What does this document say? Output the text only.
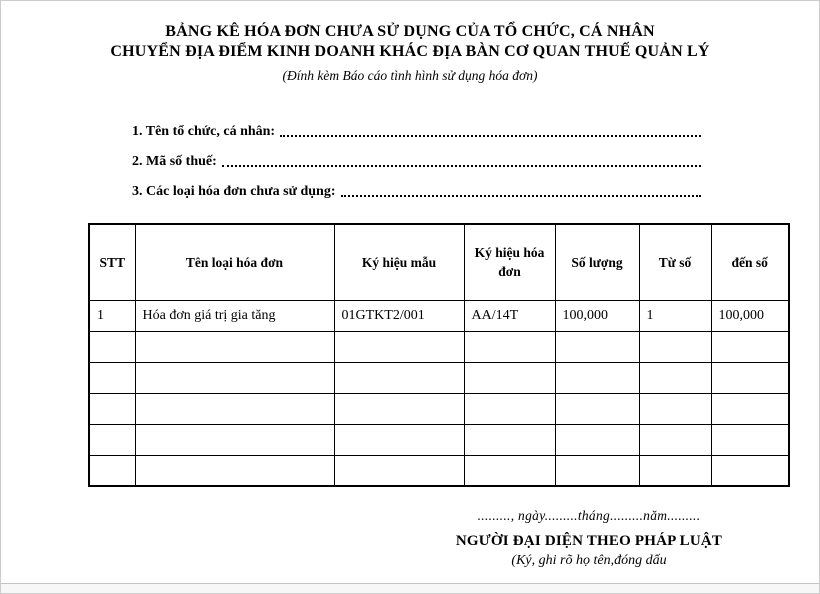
BẢNG KÊ HÓA ĐƠN CHƯA SỬ DỤNG CỦA TỔ CHỨC, CÁ NHÂN
CHUYỂN ĐỊA ĐIỂM KINH DOANH KHÁC ĐỊA BÀN CƠ QUAN THUẾ QUẢN LÝ
(Đính kèm Báo cáo tình hình sử dụng hóa đơn)
1. Tên tổ chức, cá nhân:
2. Mã số thuế:
3. Các loại hóa đơn chưa sử dụng:
STT	Tên loại hóa đơn	Ký hiệu mẫu	Ký hiệu hóa đơn	Số lượng	Từ số	đến số
1	Hóa đơn giá trị gia tăng	01GTKT2/001	AA/14T	100,000	1	100,000

........., ngày.........tháng.........năm.........
NGƯỜI ĐẠI DIỆN THEO PHÁP LUẬT
(Ký, ghi rõ họ tên,đóng dấu
